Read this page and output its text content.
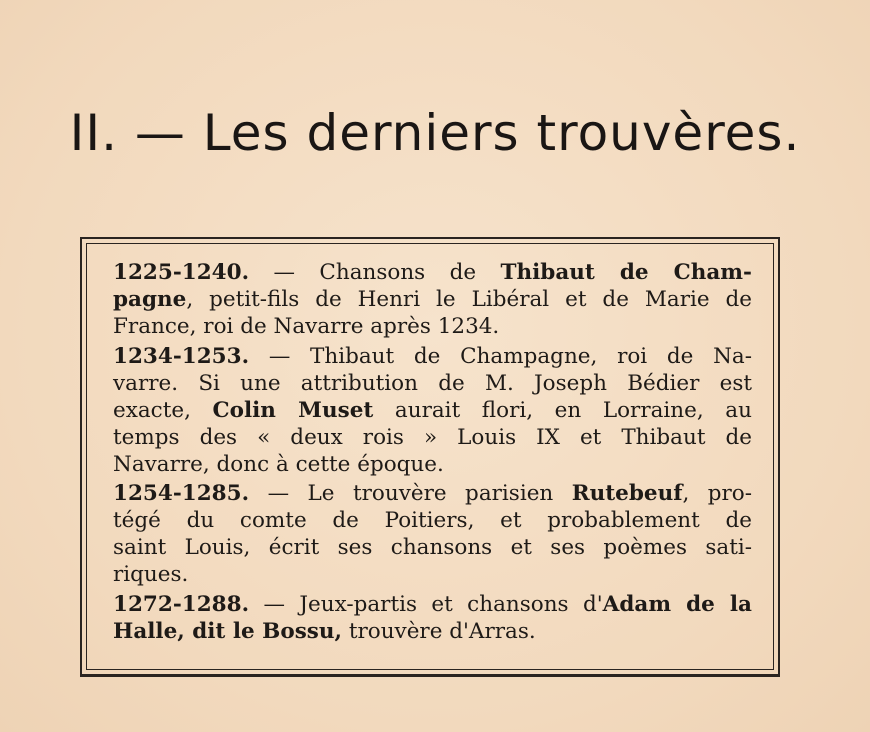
II. — Les derniers trouvères.
1225-1240. — Chansons de Thibaut de Cham-
pagne, petit-fils de Henri le Libéral et de Marie de
France, roi de Navarre après 1234.
1234-1253. — Thibaut de Champagne, roi de Na-
varre. Si une attribution de M. Joseph Bédier est
exacte, Colin Muset aurait flori, en Lorraine, au
temps des « deux rois » Louis IX et Thibaut de
Navarre, donc à cette époque.
1254-1285. — Le trouvère parisien Rutebeuf, pro-
tégé du comte de Poitiers, et probablement de
saint Louis, écrit ses chansons et ses poèmes sati-
riques.
1272-1288. — Jeux-partis et chansons d'Adam de la
Halle, dit le Bossu, trouvère d'Arras.
